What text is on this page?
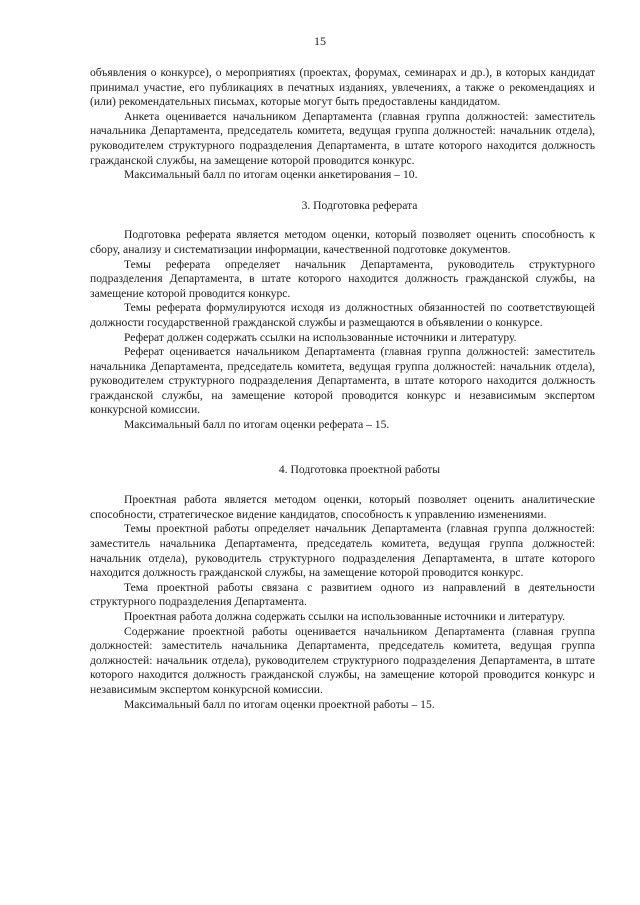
15

объявления о конкурсе), о мероприятиях (проектах, форумах, семинарах и др.), в которых кандидат принимал участие, его публикациях в печатных изданиях, увлечениях, а также о рекомендациях и (или) рекомендательных письмах, которые могут быть предоставлены кандидатом.

Анкета оценивается начальником Департамента (главная группа должностей: заместитель начальника Департамента, председатель комитета, ведущая группа должностей: начальник отдела), руководителем структурного подразделения Департамента, в штате которого находится должность гражданской службы, на замещение которой проводится конкурс.

Максимальный балл по итогам оценки анкетирования – 10.

3. Подготовка реферата

Подготовка реферата является методом оценки, который позволяет оценить способность к сбору, анализу и систематизации информации, качественной подготовке документов.

Темы реферата определяет начальник Департамента, руководитель структурного подразделения Департамента, в штате которого находится должность гражданской службы, на замещение которой проводится конкурс.

Темы реферата формулируются исходя из должностных обязанностей по соответствующей должности государственной гражданской службы и размещаются в объявлении о конкурсе.

Реферат должен содержать ссылки на использованные источники и литературу.

Реферат оценивается начальником Департамента (главная группа должностей: заместитель начальника Департамента, председатель комитета, ведущая группа должностей: начальник отдела), руководителем структурного подразделения Департамента, в штате которого находится должность гражданской службы, на замещение которой проводится конкурс и независимым экспертом конкурсной комиссии.

Максимальный балл по итогам оценки реферата – 15.

4. Подготовка проектной работы

Проектная работа является методом оценки, который позволяет оценить аналитические способности, стратегическое видение кандидатов, способность к управлению изменениями.

Темы проектной работы определяет начальник Департамента (главная группа должностей: заместитель начальника Департамента, председатель комитета, ведущая группа должностей: начальник отдела), руководитель структурного подразделения Департамента, в штате которого находится должность гражданской службы, на замещение которой проводится конкурс.

Тема проектной работы связана с развитием одного из направлений в деятельности структурного подразделения Департамента.

Проектная работа должна содержать ссылки на использованные источники и литературу.

Содержание проектной работы оценивается начальником Департамента (главная группа должностей: заместитель начальника Департамента, председатель комитета, ведущая группа должностей: начальник отдела), руководителем структурного подразделения Департамента, в штате которого находится должность гражданской службы, на замещение которой проводится конкурс и независимым экспертом конкурсной комиссии.

Максимальный балл по итогам оценки проектной работы – 15.
